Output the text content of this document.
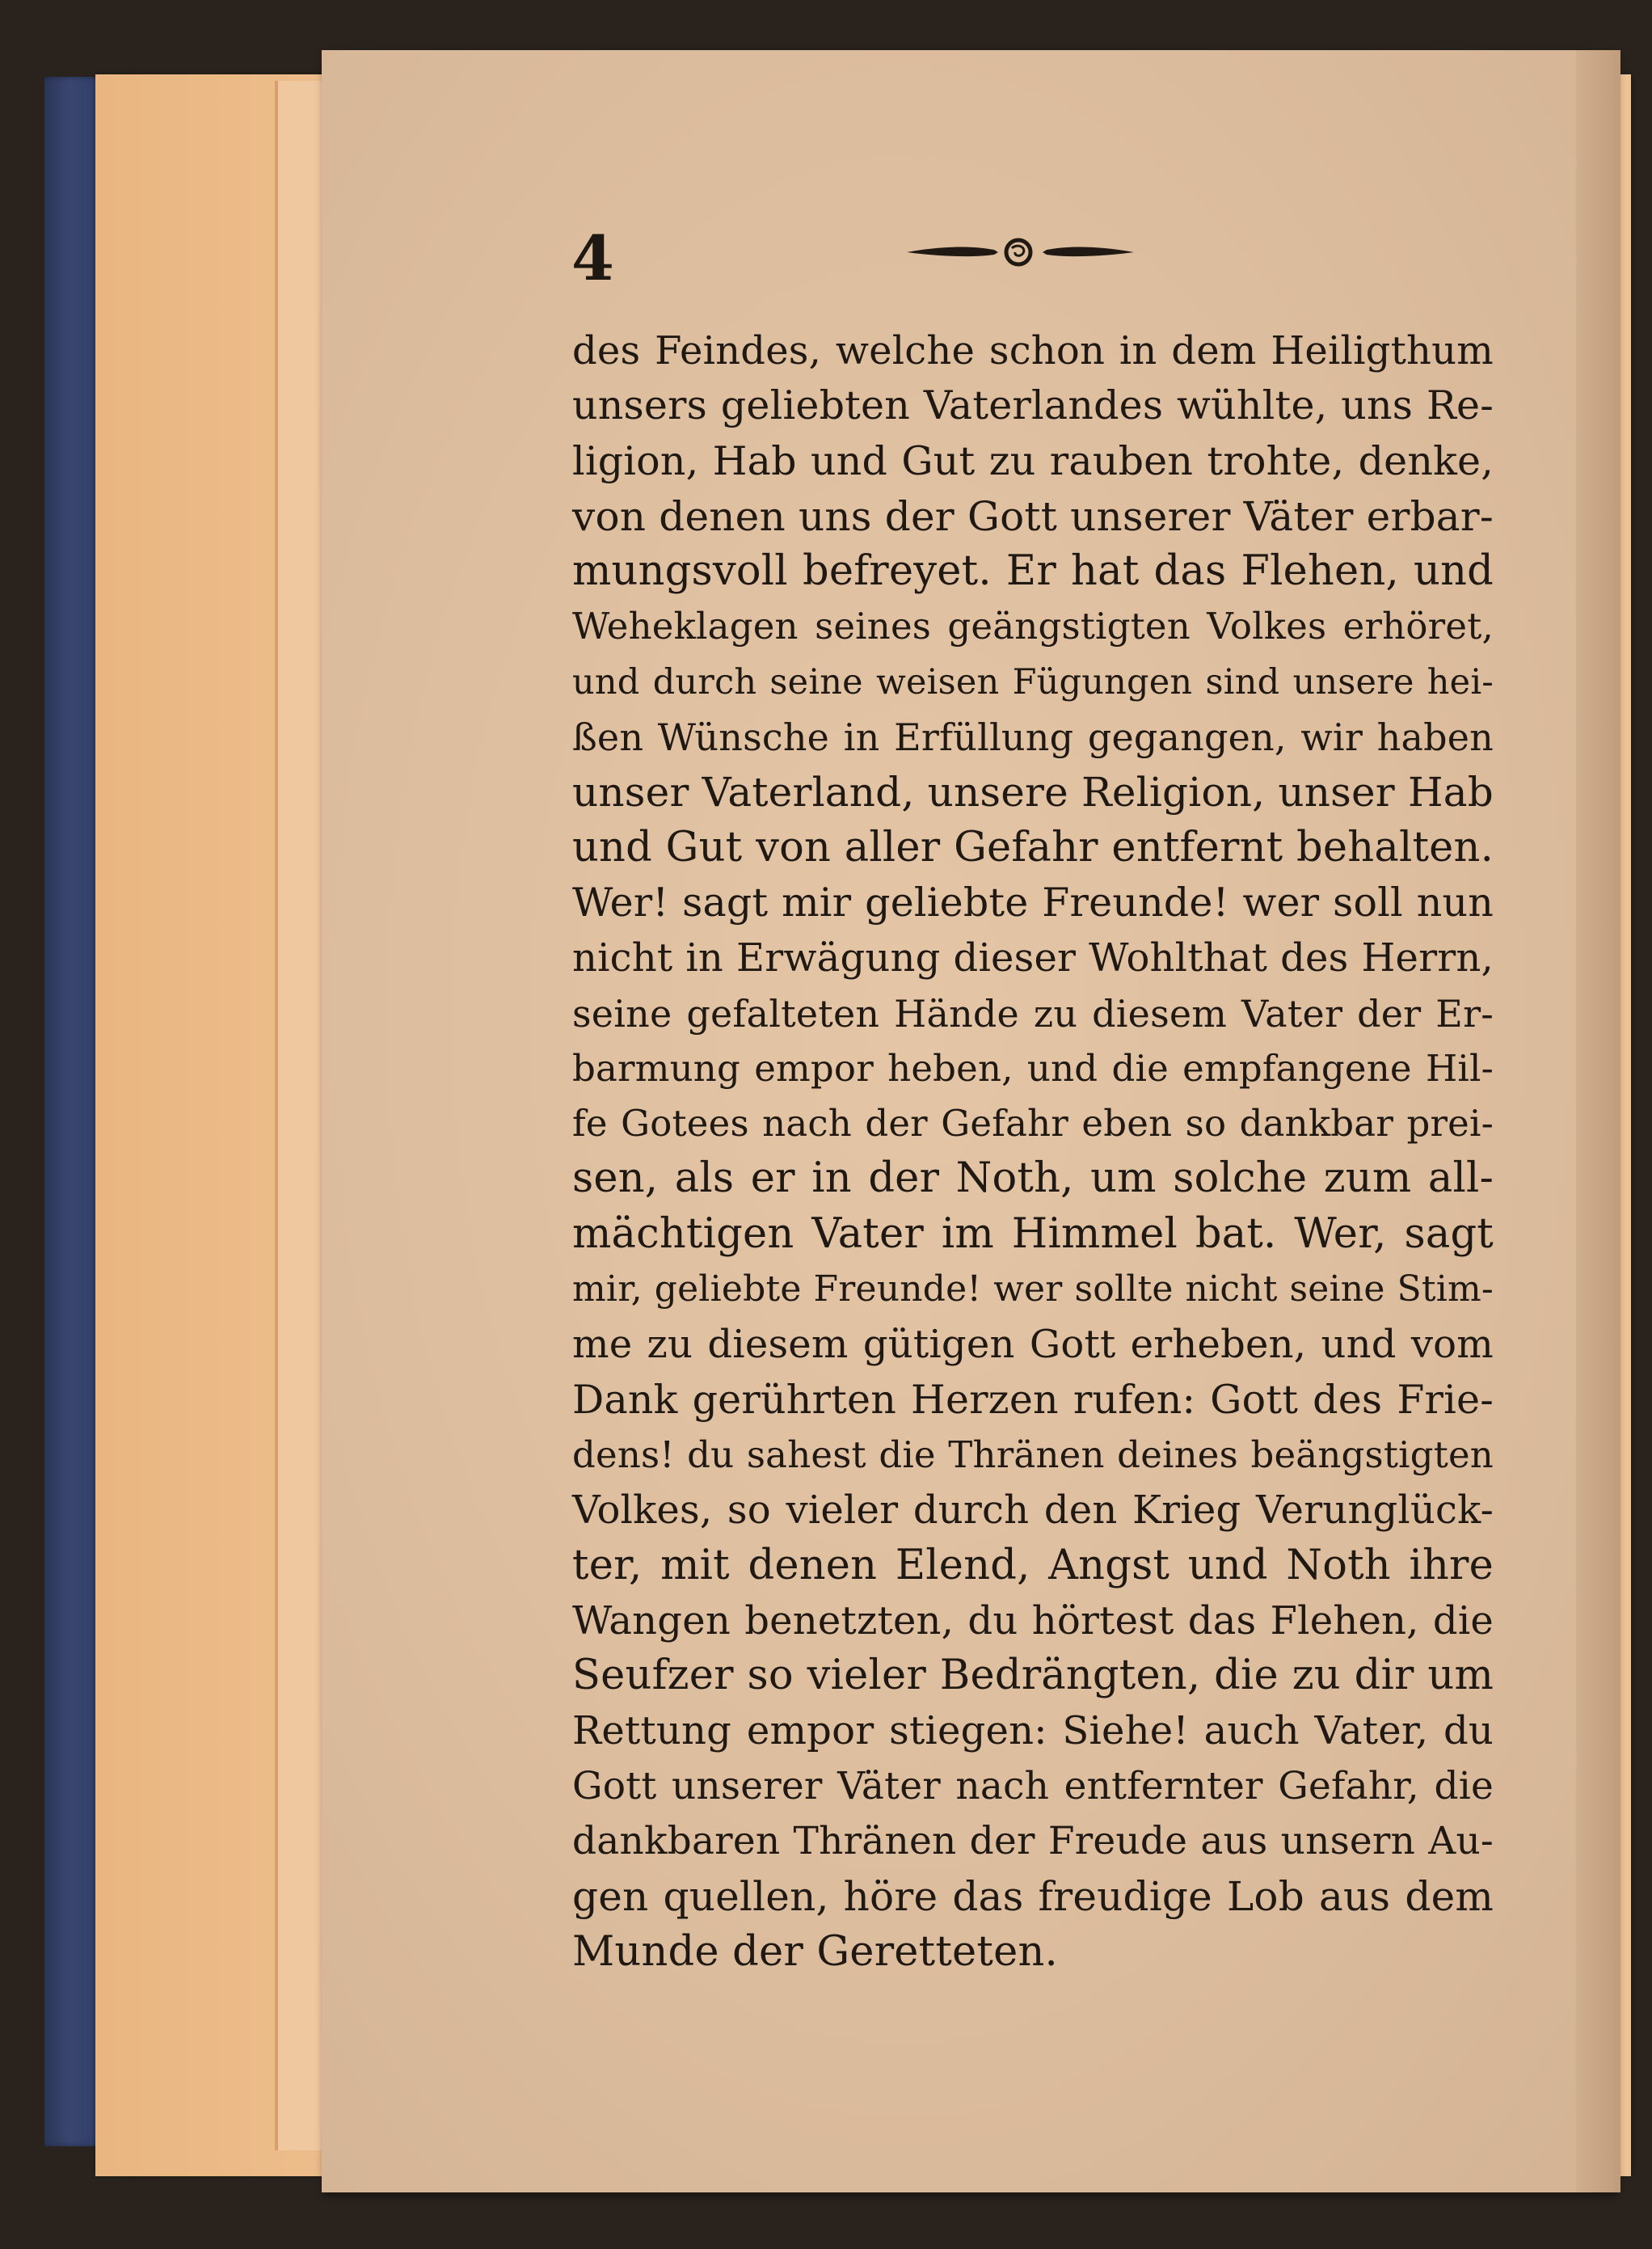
4
des Feindes, welche schon in dem Heiligthum
unsers geliebten Vaterlandes wühlte, uns Re-
ligion, Hab und Gut zu rauben trohte, denke,
von denen uns der Gott unserer Väter erbar-
mungsvoll befreyet. Er hat das Flehen, und
Weheklagen seines geängstigten Volkes erhöret,
und durch seine weisen Fügungen sind unsere hei-
ßen Wünsche in Erfüllung gegangen, wir haben
unser Vaterland, unsere Religion, unser Hab
und Gut von aller Gefahr entfernt behalten.
Wer! sagt mir geliebte Freunde! wer soll nun
nicht in Erwägung dieser Wohlthat des Herrn,
seine gefalteten Hände zu diesem Vater der Er-
barmung empor heben, und die empfangene Hil-
fe Gotees nach der Gefahr eben so dankbar prei-
sen, als er in der Noth, um solche zum all-
mächtigen Vater im Himmel bat. Wer, sagt
mir, geliebte Freunde! wer sollte nicht seine Stim-
me zu diesem gütigen Gott erheben, und vom
Dank gerührten Herzen rufen: Gott des Frie-
dens! du sahest die Thränen deines beängstigten
Volkes, so vieler durch den Krieg Verunglück-
ter, mit denen Elend, Angst und Noth ihre
Wangen benetzten, du hörtest das Flehen, die
Seufzer so vieler Bedrängten, die zu dir um
Rettung empor stiegen: Siehe! auch Vater, du
Gott unserer Väter nach entfernter Gefahr, die
dankbaren Thränen der Freude aus unsern Au-
gen quellen, höre das freudige Lob aus dem
Munde der Geretteten.
